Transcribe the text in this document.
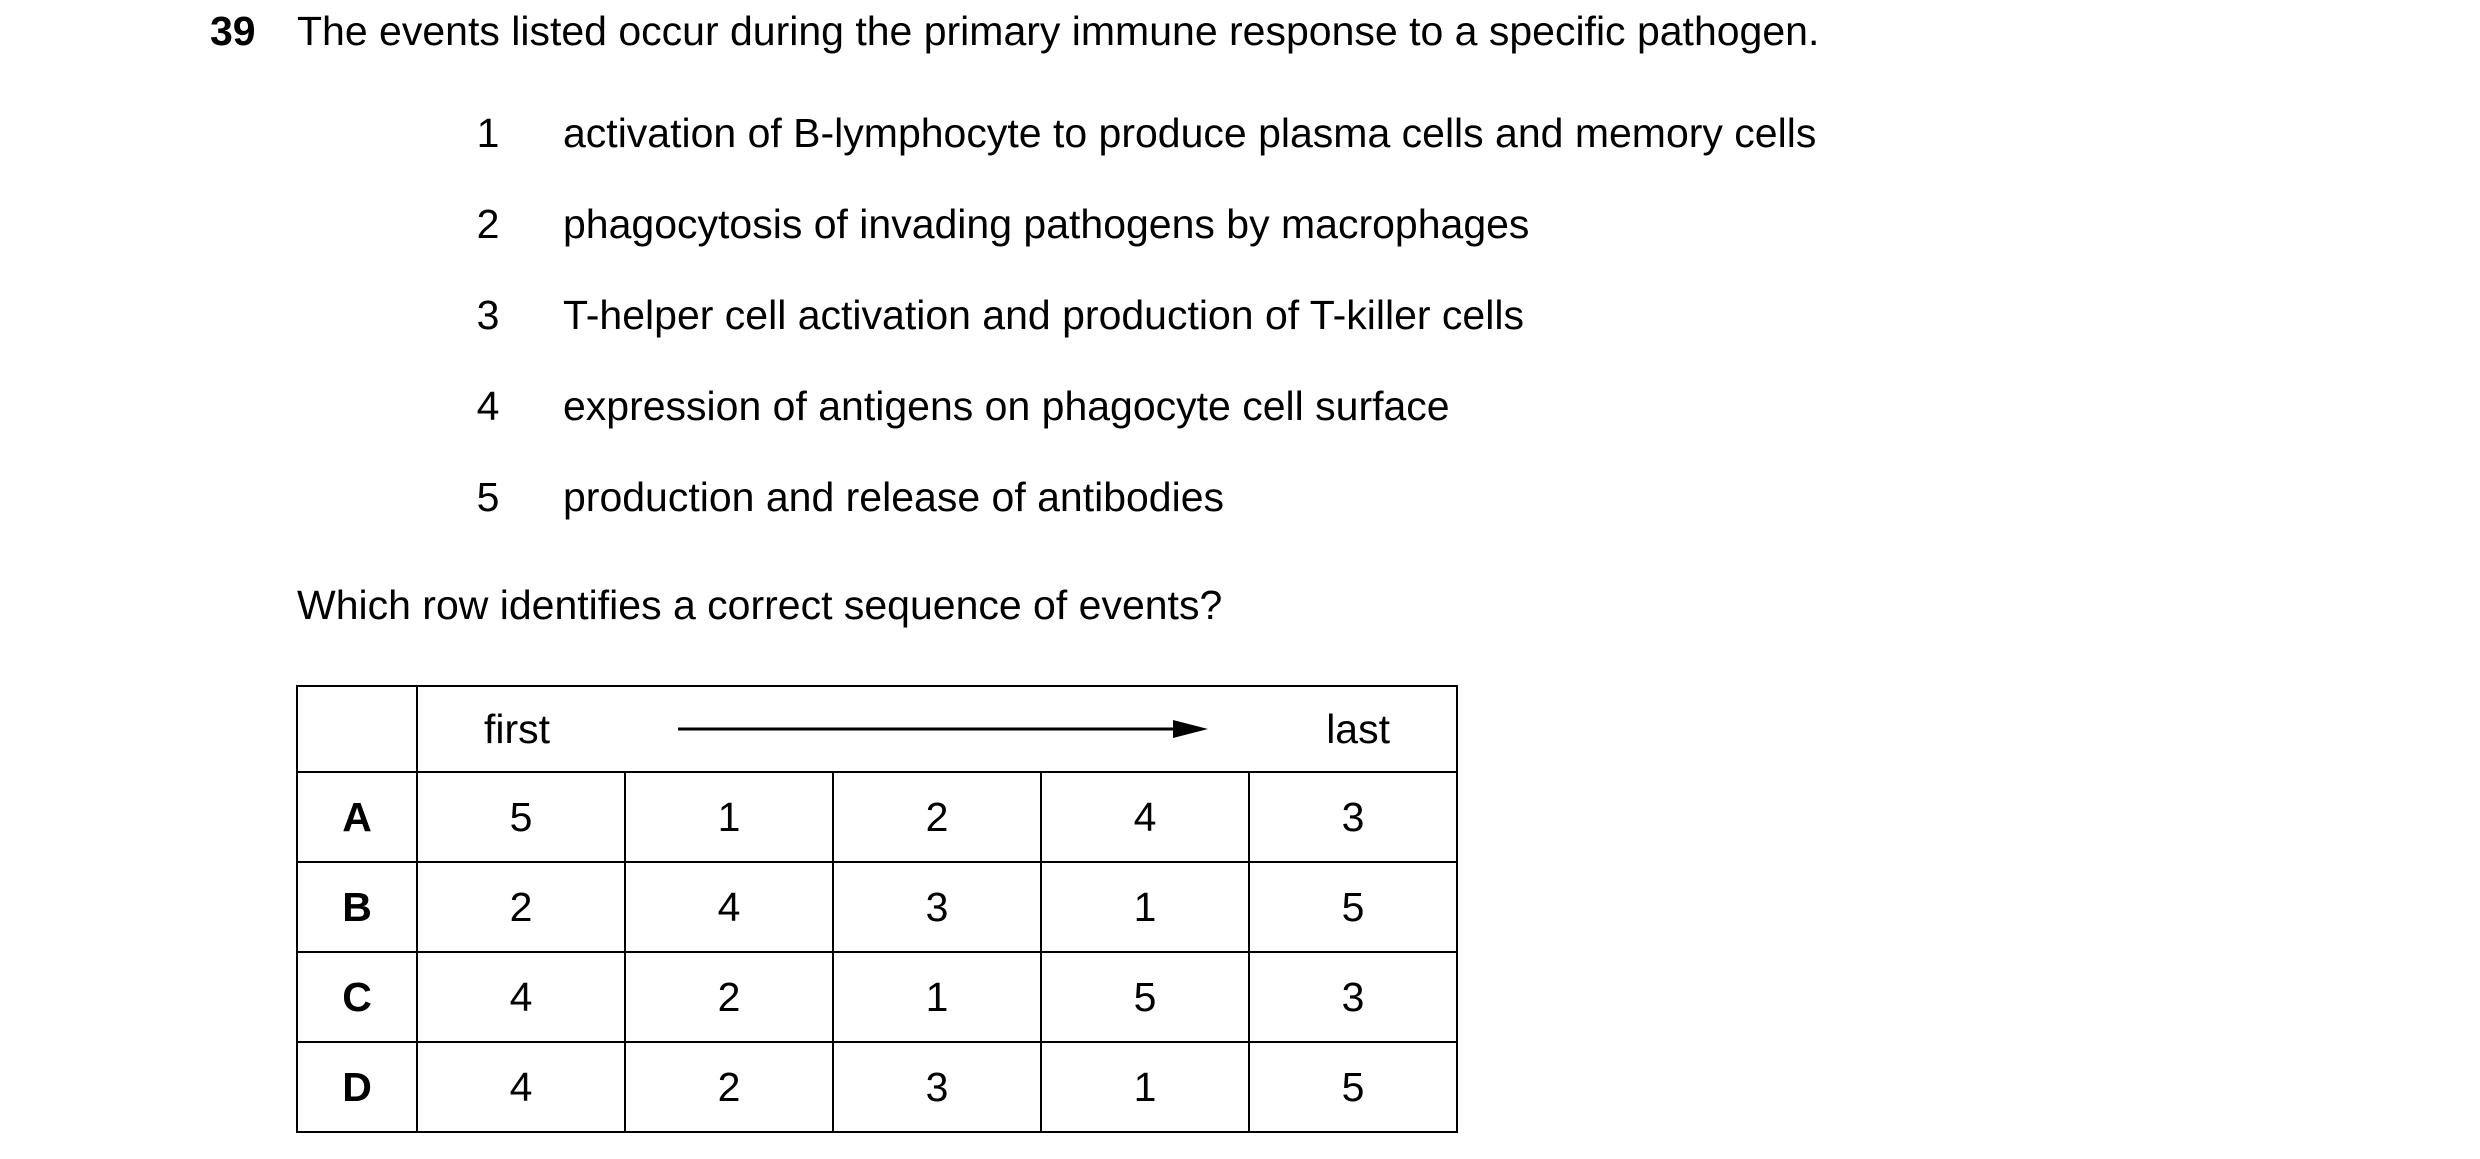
39 The events listed occur during the primary immune response to a specific pathogen.
1 activation of B-lymphocyte to produce plasma cells and memory cells
2 phagocytosis of invading pathogens by macrophages
3 T-helper cell activation and production of T-killer cells
4 expression of antigens on phagocyte cell surface
5 production and release of antibodies
Which row identifies a correct sequence of events?

	first last				

A	5	1	2	4	3
B	2	4	3	1	5
C	4	2	1	5	3
D	4	2	3	1	5
